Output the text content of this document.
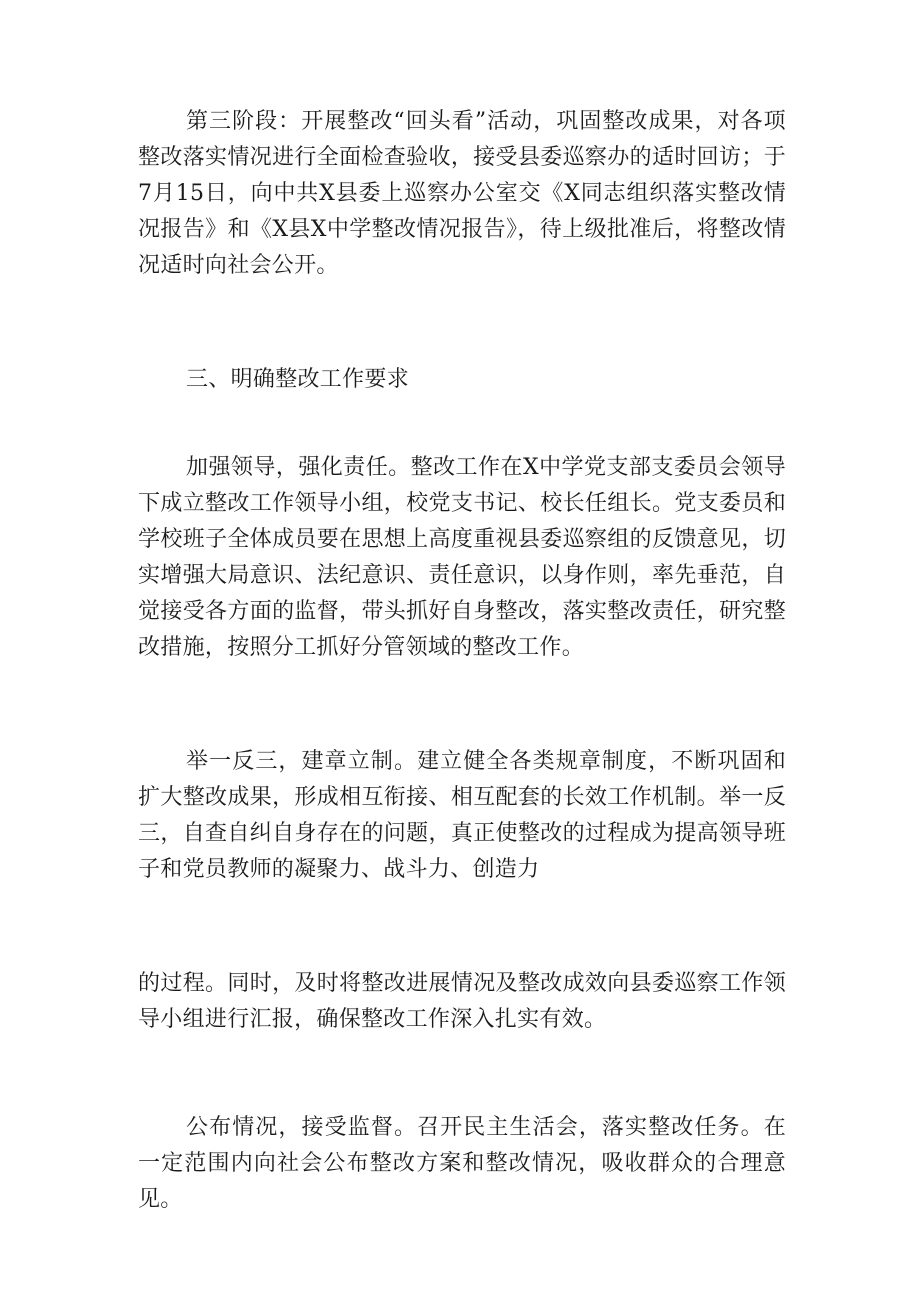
第三阶段：开展整改“回头看”活动，巩固整改成果，对各项整改落实情况进行全面检查验收，接受县委巡察办的适时回访；于7月15日，向中共X县委上巡察办公室交《X同志组织落实整改情况报告》和《X县X中学整改情况报告》，待上级批准后，将整改情况适时向社会公开。

三、明确整改工作要求

加强领导，强化责任。整改工作在X中学党支部支委员会领导下成立整改工作领导小组，校党支书记、校长任组长。党支委员和学校班子全体成员要在思想上高度重视县委巡察组的反馈意见，切实增强大局意识、法纪意识、责任意识，以身作则，率先垂范，自觉接受各方面的监督，带头抓好自身整改，落实整改责任，研究整改措施，按照分工抓好分管领域的整改工作。

举一反三，建章立制。建立健全各类规章制度，不断巩固和扩大整改成果，形成相互衔接、相互配套的长效工作机制。举一反三，自查自纠自身存在的问题，真正使整改的过程成为提高领导班子和党员教师的凝聚力、战斗力、创造力

的过程。同时，及时将整改进展情况及整改成效向县委巡察工作领导小组进行汇报，确保整改工作深入扎实有效。

公布情况，接受监督。召开民主生活会，落实整改任务。在一定范围内向社会公布整改方案和整改情况，吸收群众的合理意见。
